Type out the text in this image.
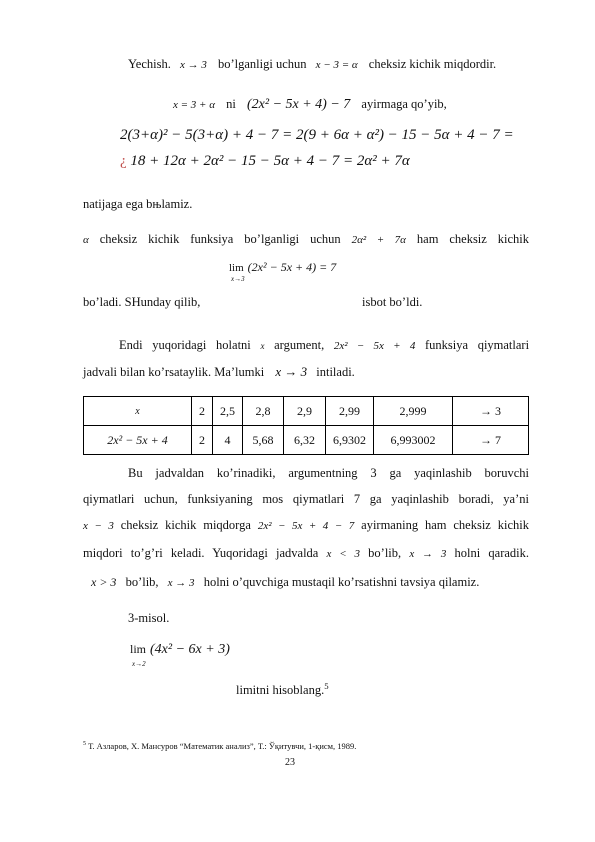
Yechish. x → 3 bo’lganligi uchun x − 3 = α cheksiz kichik miqdordir.
x = 3 + α ni (2x² − 5x + 4) − 7 ayirmaga qo’yib,
2(3+α)² − 5(3+α) + 4 − 7 = 2(9 + 6α + α²) − 15 − 5α + 4 − 7 =
¿ 18 + 12α + 2α² − 15 − 5α + 4 − 7 = 2α² + 7α
natijaga ega bњlamiz.
α cheksiz kichik funksiya bo’lganligi uchun 2α² + 7α ham cheksiz kichik
lim (2x² − 5x + 4) = 7
x→3
bo’ladi. SHunday qilib,	isbot bo’ldi.
Endi yuqoridagi holatni x argument, 2x² − 5x + 4 funksiya qiymatlari
jadvali bilan ko’rsataylik. Ma’lumki x → 3 intiladi.
x	2	2,5	2,8	2,9	2,99	2,999	→ 3
2x² − 5x + 4	2	4	5,68	6,32	6,9302	6,993002	→ 7
Bu jadvaldan ko’rinadiki, argumentning 3 ga yaqinlashib boruvchi
qiymatlari uchun, funksiyaning mos qiymatlari 7 ga yaqinlashib boradi, ya’ni
x − 3 cheksiz kichik miqdorga 2x² − 5x + 4 − 7 ayirmaning ham cheksiz kichik
miqdori to’g’ri keladi. Yuqoridagi jadvalda x < 3 bo’lib, x → 3 holni qaradik.
x > 3 bo’lib, x → 3 holni o’quvchiga mustaqil ko’rsatishni tavsiya qilamiz.
3-misol.
lim (4x² − 6x + 3)
x→2
limitni hisoblang.$^5$
$^5$ Т. Азларов, Х. Мансуров “Математик анализ”, Т.: Ўқитувчи, 1-қисм, 1989.
23
